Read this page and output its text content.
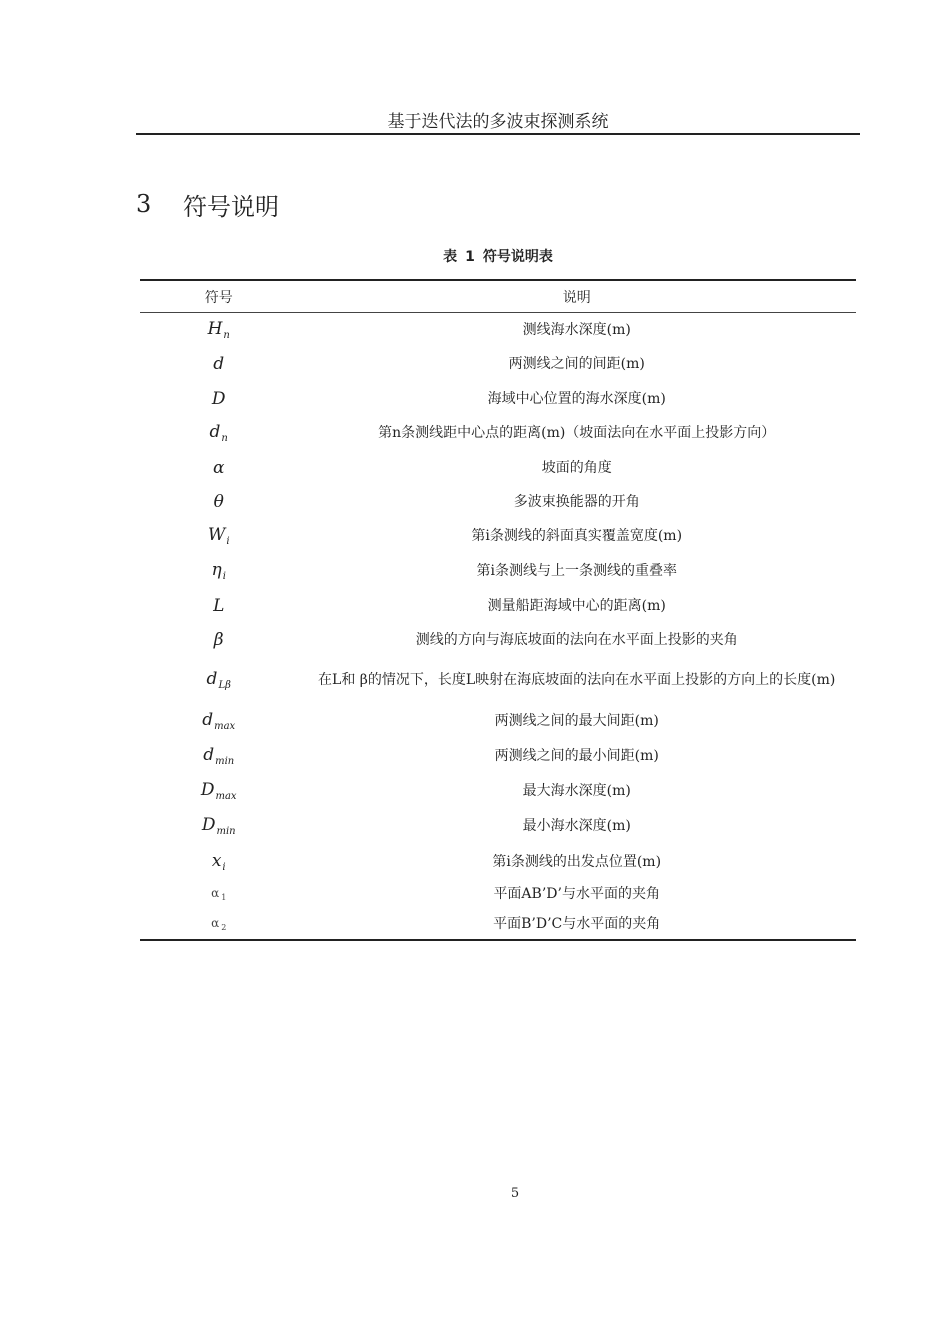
基于迭代法的多波束探测系统
3	符号说明
表 1 符号说明表
符号	说明
$H_n$	测线海水深度(m)
d	两测线之间的间距(m)
D	海域中心位置的海水深度(m)
$d_n$	第n条测线距中心点的距离(m)（坡面法向在水平面上投影方向）
α	坡面的角度
θ	多波束换能器的开角
$W_i$	第i条测线的斜面真实覆盖宽度(m)
$\eta_i$	第i条测线与上一条测线的重叠率
L	测量船距海域中心的距离(m)
β	测线的方向与海底坡面的法向在水平面上投影的夹角
$d_{L\beta}$	在L和 β的情况下，长度L映射在海底坡面的法向在水平面上投影的方向上的长度(m)
$d_{max}$	两测线之间的最大间距(m)
$d_{min}$	两测线之间的最小间距(m)
$D_{max}$	最大海水深度(m)
$D_{min}$	最小海水深度(m)
$x_i$	第i条测线的出发点位置(m)
α $_1$	平面AB’D’与水平面的夹角
α $_2$	平面B’D’C与水平面的夹角
5
